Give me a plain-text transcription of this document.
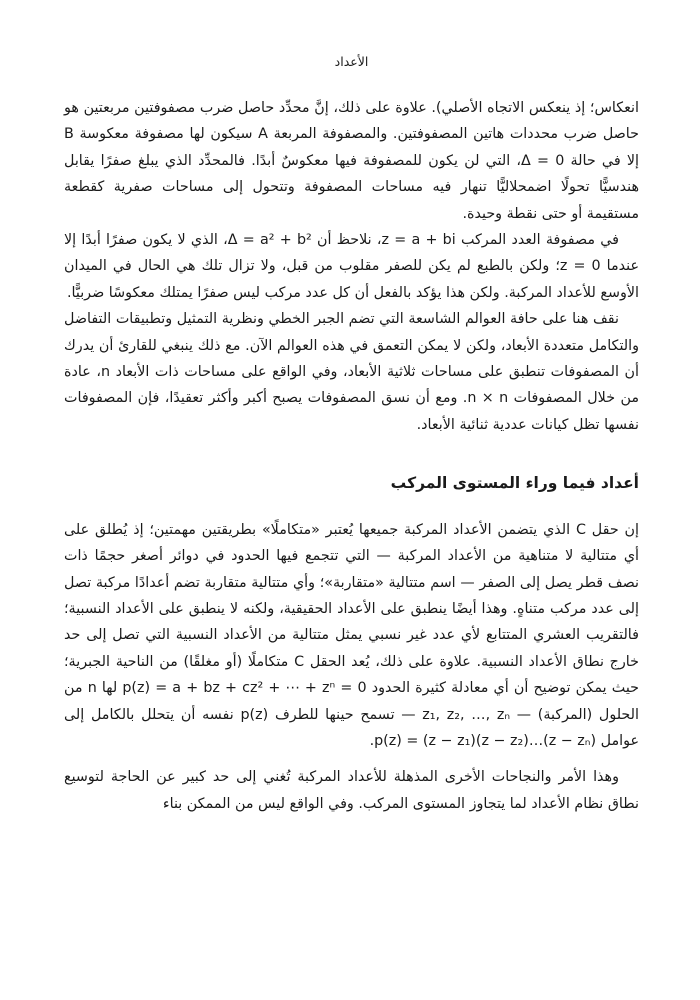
الأعداد

انعكاس؛ إذ ينعكس الاتجاه الأصلي). علاوة على ذلك، إنَّ محدِّد حاصل ضرب مصفوفتين مربعتين هو حاصل ضرب محددات هاتين المصفوفتين. والمصفوفة المربعة A سيكون لها مصفوفة معكوسة B إلا في حالة Δ = 0، التي لن يكون للمصفوفة فيها معكوسٌ أبدًا. فالمحدِّد الذي يبلغ صفرًا يقابل هندسيًّا تحولًا اضمحلاليًّا تنهار فيه مساحات المصفوفة وتتحول إلى مساحات صفرية كقطعة مستقيمة أو حتى نقطة وحيدة.

في مصفوفة العدد المركب z = a + bi، نلاحظ أن Δ = a² + b²، الذي لا يكون صفرًا أبدًا إلا عندما z = 0؛ ولكن بالطبع لم يكن للصفر مقلوب من قبل، ولا تزال تلك هي الحال في الميدان الأوسع للأعداد المركبة. ولكن هذا يؤكد بالفعل أن كل عدد مركب ليس صفرًا يمتلك معكوسًا ضربيًّا.

نقف هنا على حافة العوالم الشاسعة التي تضم الجبر الخطي ونظرية التمثيل وتطبيقات التفاضل والتكامل متعددة الأبعاد، ولكن لا يمكن التعمق في هذه العوالم الآن. مع ذلك ينبغي للقارئ أن يدرك أن المصفوفات تنطبق على مساحات ثلاثية الأبعاد، وفي الواقع على مساحات ذات الأبعاد n، عادة من خلال المصفوفات n × n. ومع أن نسق المصفوفات يصبح أكبر وأكثر تعقيدًا، فإن المصفوفات نفسها تظل كيانات عددية ثنائية الأبعاد.

أعداد فيما وراء المستوى المركب

إن حقل C الذي يتضمن الأعداد المركبة جميعها يُعتبر «متكاملًا» بطريقتين مهمتين؛ إذ يُطلق على أي متتالية لا متناهية من الأعداد المركبة — التي تتجمع فيها الحدود في دوائر أصغر حجمًا ذات نصف قطر يصل إلى الصفر — اسم متتالية «متقاربة»؛ وأي متتالية متقاربة تضم أعدادًا مركبة تصل إلى عدد مركب متناهٍ. وهذا أيضًا ينطبق على الأعداد الحقيقية، ولكنه لا ينطبق على الأعداد النسبية؛ فالتقريب العشري المتتابع لأي عدد غير نسبي يمثل متتالية من الأعداد النسبية التي تصل إلى حد خارج نطاق الأعداد النسبية. علاوة على ذلك، يُعد الحقل C متكاملًا (أو مغلقًا) من الناحية الجبرية؛ حيث يمكن توضيح أن أي معادلة كثيرة الحدود p(z) = a + bz + cz² + ⋯ + zⁿ = 0 لها n من الحلول (المركبة) — z₁, z₂, …, zₙ — تسمح حينها للطرف p(z) نفسه أن يتحلل بالكامل إلى عوامل p(z) = (z − z₁)(z − z₂)…(z − zₙ).

وهذا الأمر والنجاحات الأخرى المذهلة للأعداد المركبة تُغني إلى حد كبير عن الحاجة لتوسيع نطاق نظام الأعداد لما يتجاوز المستوى المركب. وفي الواقع ليس من الممكن بناء
